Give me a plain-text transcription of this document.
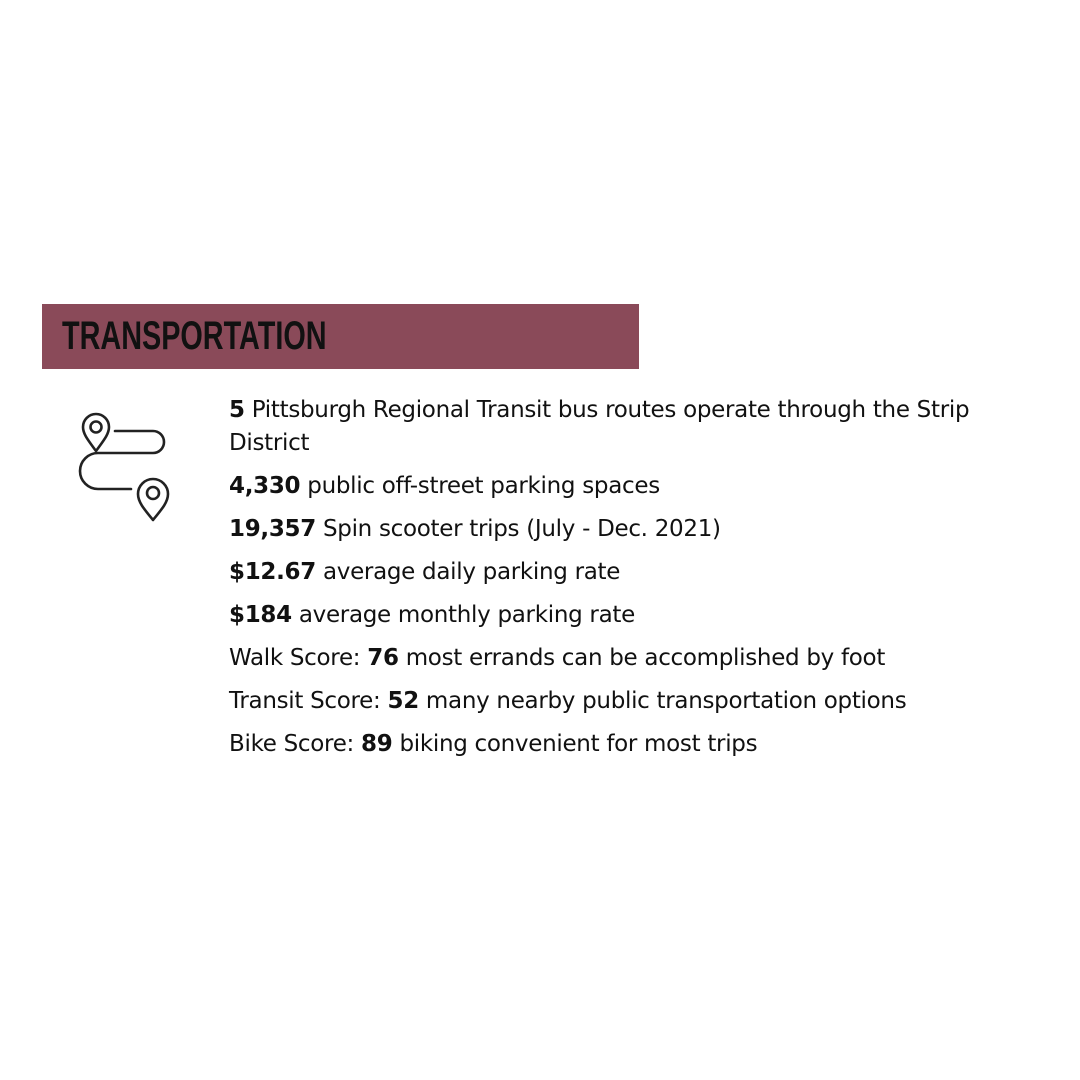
TRANSPORTATION
5 Pittsburgh Regional Transit bus routes operate through the Strip District
4,330 public off-street parking spaces
19,357 Spin scooter trips (July - Dec. 2021)
$12.67 average daily parking rate
$184 average monthly parking rate
Walk Score: 76 most errands can be accomplished by foot
Transit Score: 52 many nearby public transportation options
Bike Score: 89 biking convenient for most trips
